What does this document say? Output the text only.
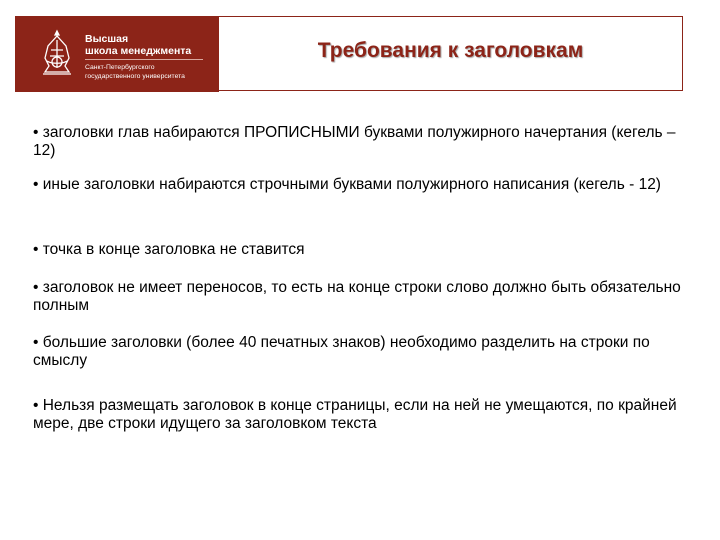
Высшая
школа менеджмента
Санкт-Петербургского
государственного университета
Требования к заголовкам

• заголовки глав набираются ПРОПИСНЫМИ буквами полужирного начертания (кегель – 12)

• иные заголовки набираются строчными буквами полужирного написания (кегель - 12)

• точка в конце заголовка не ставится

• заголовок не имеет переносов, то есть на конце строки слово должно быть обязательно полным

• большие заголовки (более 40 печатных знаков) необходимо разделить на строки по смыслу

• Нельзя размещать заголовок в конце страницы, если на ней не умещаются, по крайней мере, две строки идущего за заголовком текста
